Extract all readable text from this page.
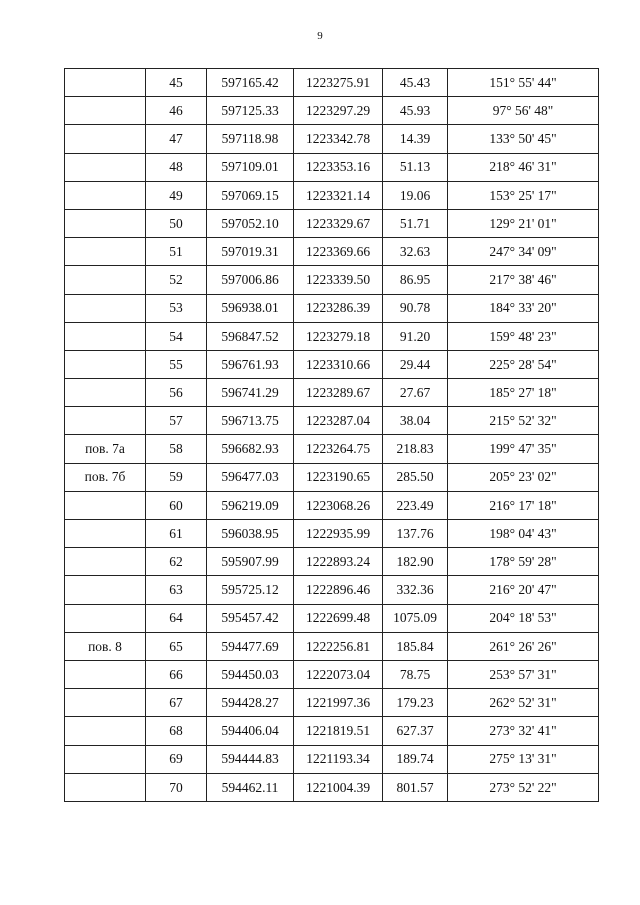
9
	45	597165.42	1223275.91	45.43	151° 55' 44"
	46	597125.33	1223297.29	45.93	97° 56' 48"
	47	597118.98	1223342.78	14.39	133° 50' 45"
	48	597109.01	1223353.16	51.13	218° 46' 31"
	49	597069.15	1223321.14	19.06	153° 25' 17"
	50	597052.10	1223329.67	51.71	129° 21' 01"
	51	597019.31	1223369.66	32.63	247° 34' 09"
	52	597006.86	1223339.50	86.95	217° 38' 46"
	53	596938.01	1223286.39	90.78	184° 33' 20"
	54	596847.52	1223279.18	91.20	159° 48' 23"
	55	596761.93	1223310.66	29.44	225° 28' 54"
	56	596741.29	1223289.67	27.67	185° 27' 18"
	57	596713.75	1223287.04	38.04	215° 52' 32"
пов. 7а	58	596682.93	1223264.75	218.83	199° 47' 35"
пов. 7б	59	596477.03	1223190.65	285.50	205° 23' 02"
	60	596219.09	1223068.26	223.49	216° 17' 18"
	61	596038.95	1222935.99	137.76	198° 04' 43"
	62	595907.99	1222893.24	182.90	178° 59' 28"
	63	595725.12	1222896.46	332.36	216° 20' 47"
	64	595457.42	1222699.48	1075.09	204° 18' 53"
пов. 8	65	594477.69	1222256.81	185.84	261° 26' 26"
	66	594450.03	1222073.04	78.75	253° 57' 31"
	67	594428.27	1221997.36	179.23	262° 52' 31"
	68	594406.04	1221819.51	627.37	273° 32' 41"
	69	594444.83	1221193.34	189.74	275° 13' 31"
	70	594462.11	1221004.39	801.57	273° 52' 22"
